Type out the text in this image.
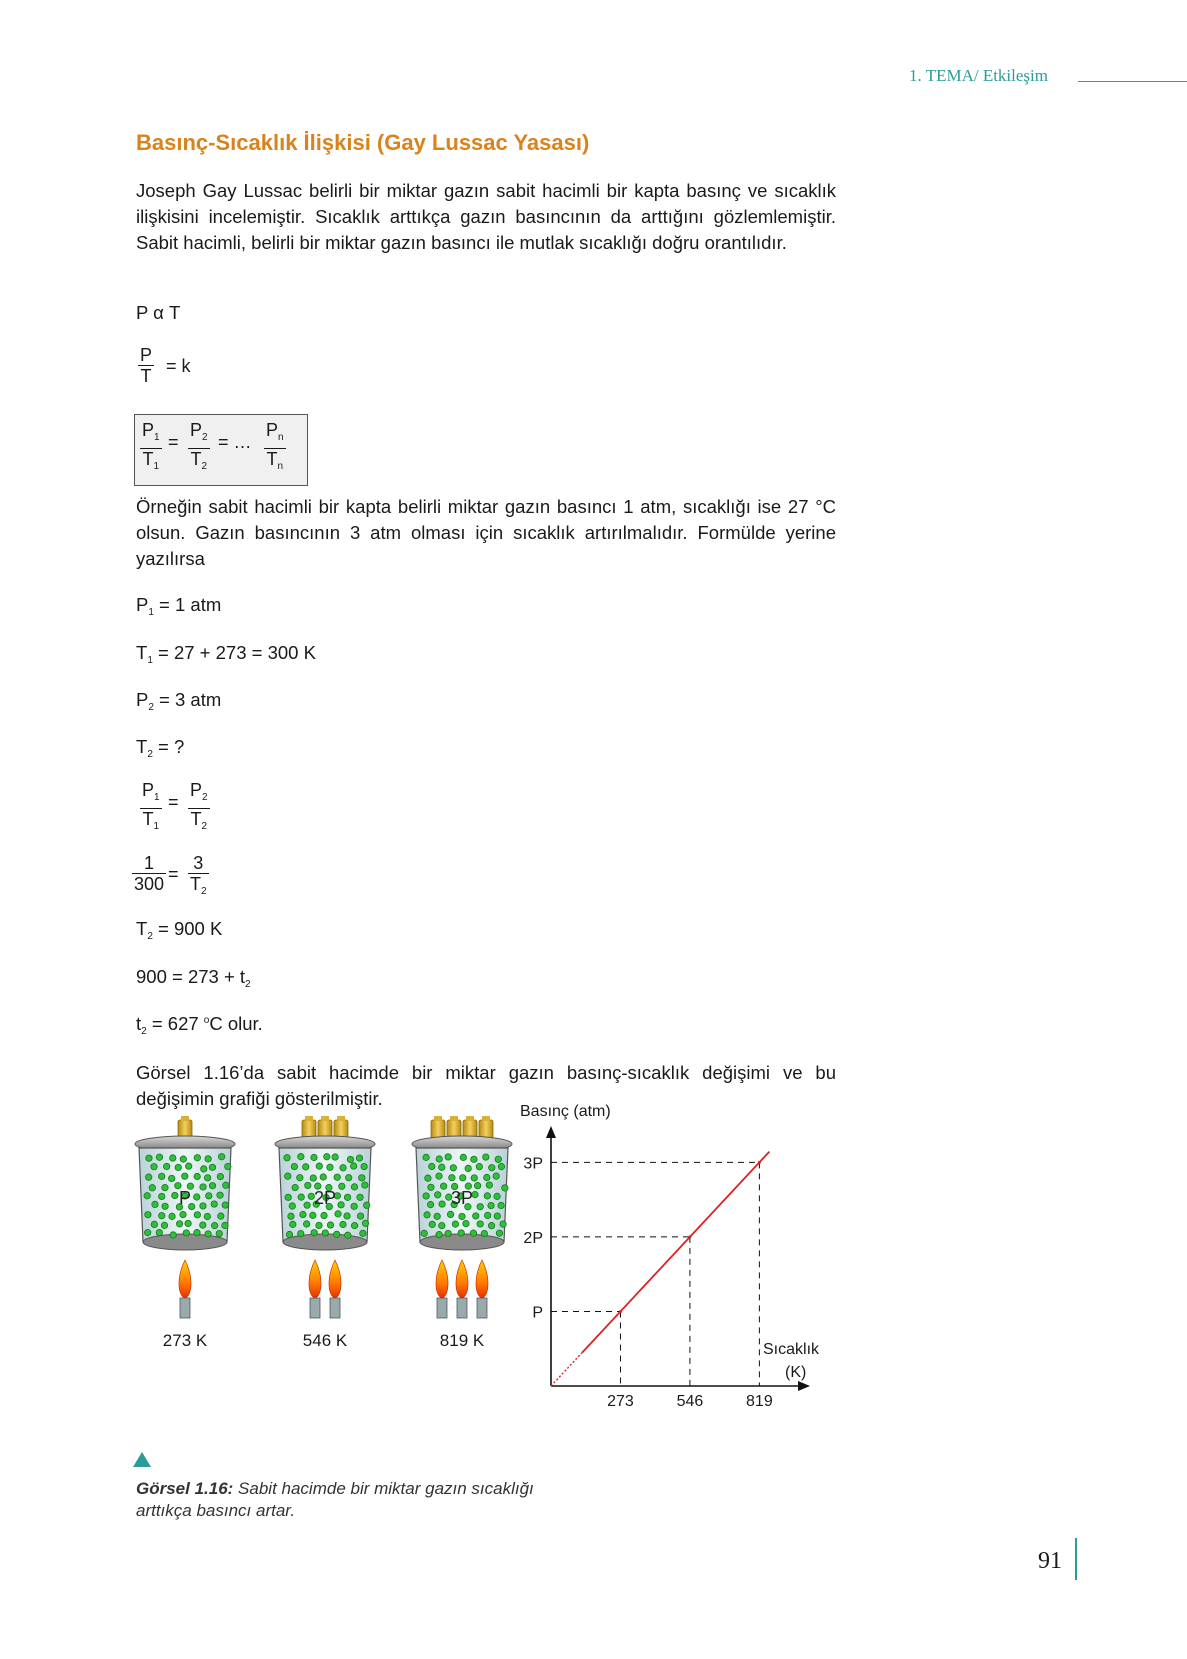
1. TEMA/ Etkileşim
Basınç-Sıcaklık İlişkisi (Gay Lussac Yasası)
Joseph Gay Lussac belirli bir miktar gazın sabit hacimli bir kapta basınç ve sıcaklık ilişkisini incelemiştir. Sıcaklık arttıkça gazın basıncının da arttığını gözlemlemiştir. Sabit hacimli, belirli bir miktar gazın basıncı ile mutlak sıcaklığı doğru orantılıdır.
P α T
P
T = k
$P_1$
$T_1$
=
$P_2$
$T_2$
= …
$P_n$
$T_n$
Örneğin sabit hacimli bir kapta belirli miktar gazın basıncı 1 atm, sıcaklığı ise 27 °C olsun. Gazın basıncının 3 atm olması için sıcaklık artırılmalıdır. Formülde yerine yazılırsa
$P_1 = 1$ atm
$T_1 = 27 + 273 = 300$ K
$P_2 = 3$ atm
$T_2$ = ?
$P_1$
$T_1$
=
$P_2$
$T_2$
1
300 =
3
$T_2$
$T_2 = 900$ K
$900 = 273 + t_2$
$t_2 = 627$ $^o$C olur.
Görsel 1.16’da sabit hacimde bir miktar gazın basınç-sıcaklık değişimi ve bu değişimin grafiği gösterilmiştir.
P
273 K
2P
546 K
3P
819 K
Basınç (atm)
Sıcaklık
(K)
273
P
546
2P
819
3P
Görsel 1.16: Sabit hacimde bir miktar gazın sıcaklığı arttıkça basıncı artar.
91
